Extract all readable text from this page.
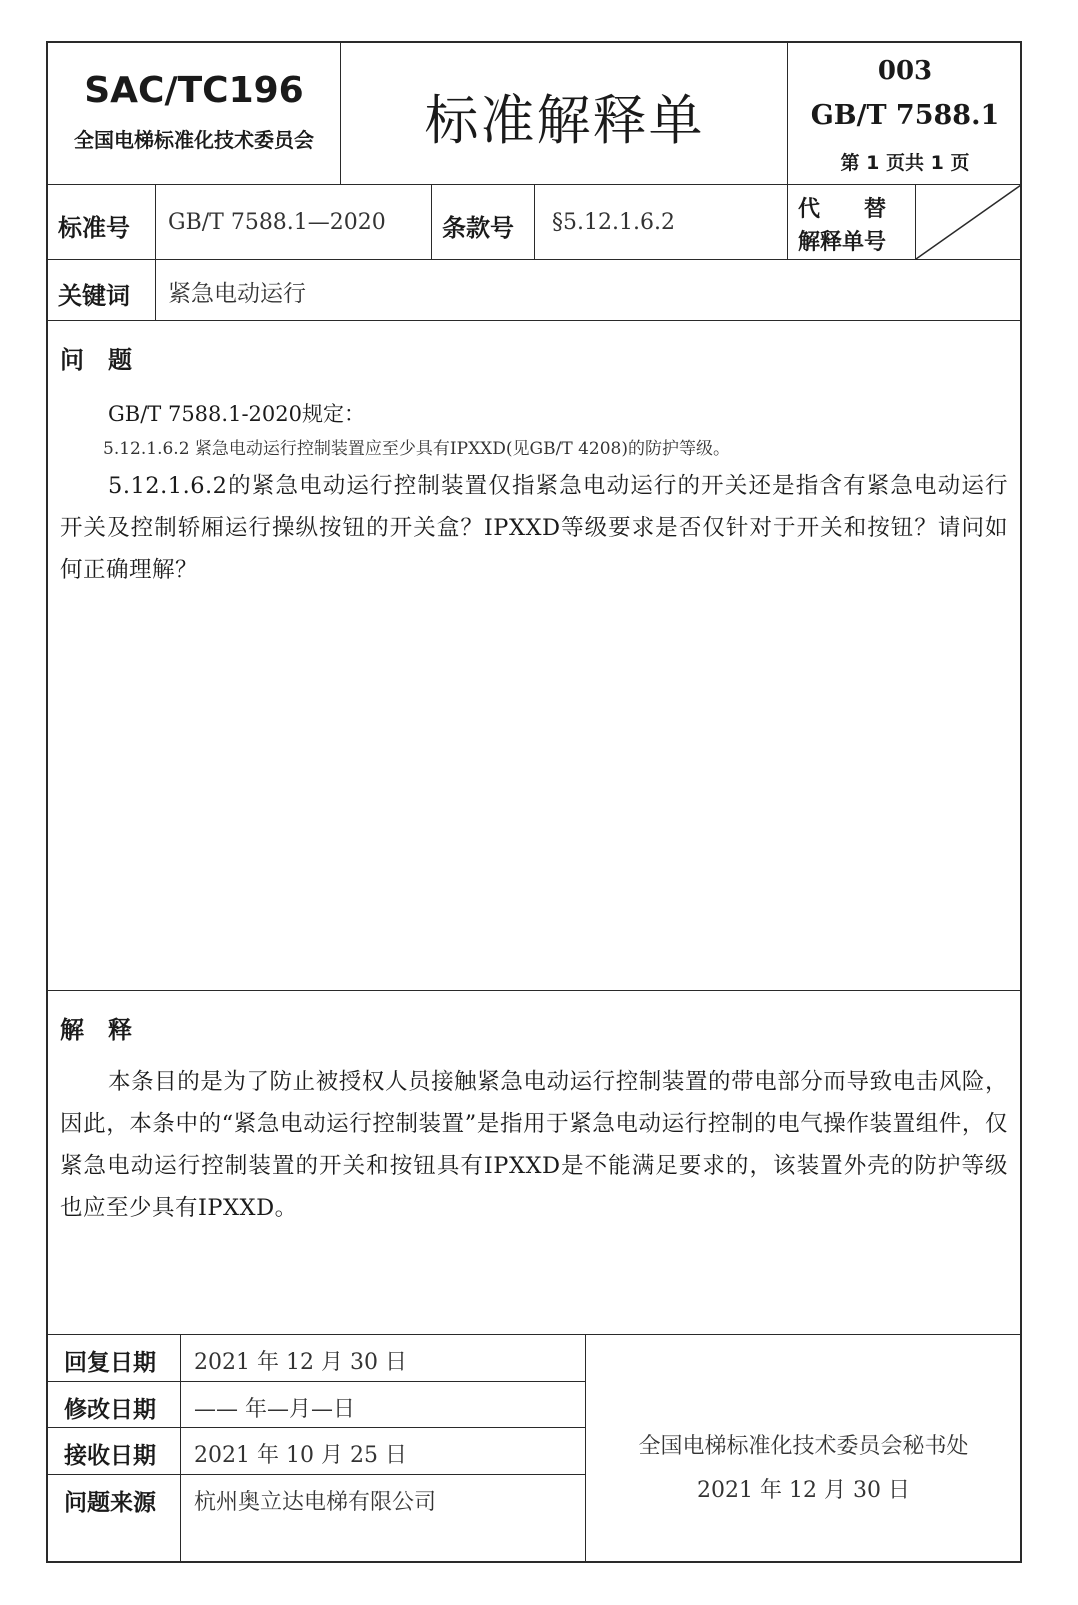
SAC/TC196
全国电梯标准化技术委员会	标准解释单
003
GB/T 7588.1
第 1 页共 1 页
标准号 GB/T 7588.1—2020 条款号 §5.12.1.6.2
代　　替
解释单号
关键词 紧急电动运行
问　题
GB/T 7588.1-2020规定：
5.12.1.6.2 紧急电动运行控制装置应至少具有IPXXD(见GB/T 4208)的防护等级。
5.12.1.6.2的紧急电动运行控制装置仅指紧急电动运行的开关还是指含有紧急电动运行开关及控制轿厢运行操纵按钮的开关盒？IPXXD等级要求是否仅针对于开关和按钮？请问如何正确理解？
解　释
本条目的是为了防止被授权人员接触紧急电动运行控制装置的带电部分而导致电击风险，因此，本条中的“紧急电动运行控制装置”是指用于紧急电动运行控制的电气操作装置组件，仅紧急电动运行控制装置的开关和按钮具有IPXXD是不能满足要求的，该装置外壳的防护等级也应至少具有IPXXD。
回复日期 2021 年 12 月 30 日
修改日期 —— 年—月—日
接收日期 2021 年 10 月 25 日
问题来源 杭州奥立达电梯有限公司
全国电梯标准化技术委员会秘书处
2021 年 12 月 30 日
